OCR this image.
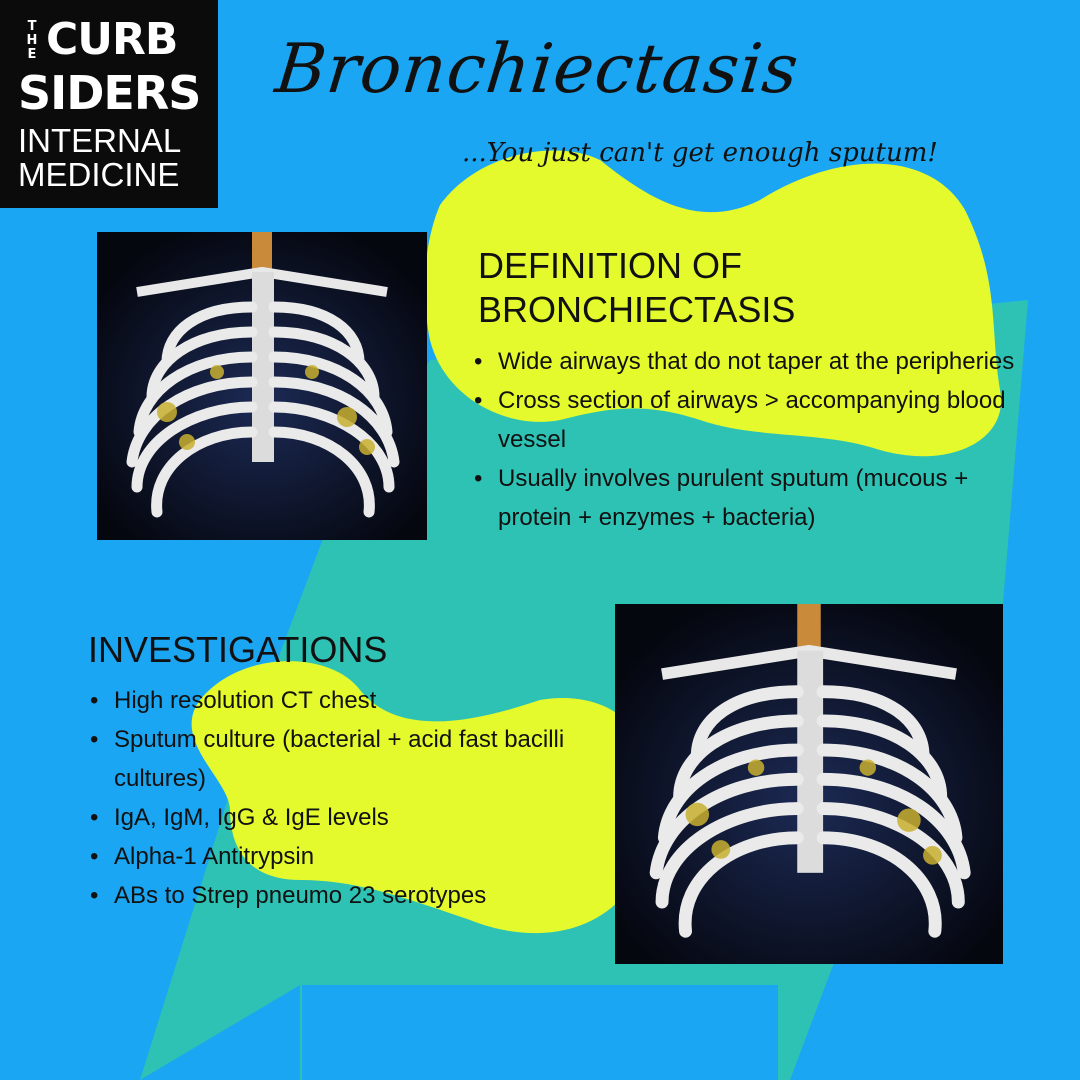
T
H
E CURB
SIDERS
INTERNAL
MEDICINE
Bronchiectasis
...You just can't get enough sputum!
DEFINITION OF BRONCHIECTASIS
• Wide airways that do not taper at the peripheries
• Cross section of airways > accompanying blood vessel
• Usually involves purulent sputum (mucous + protein + enzymes + bacteria)
INVESTIGATIONS
• High resolution CT chest
• Sputum culture (bacterial + acid fast bacilli cultures)
• IgA, IgM, IgG & IgE levels
• Alpha-1 Antitrypsin
• ABs to Strep pneumo 23 serotypes
